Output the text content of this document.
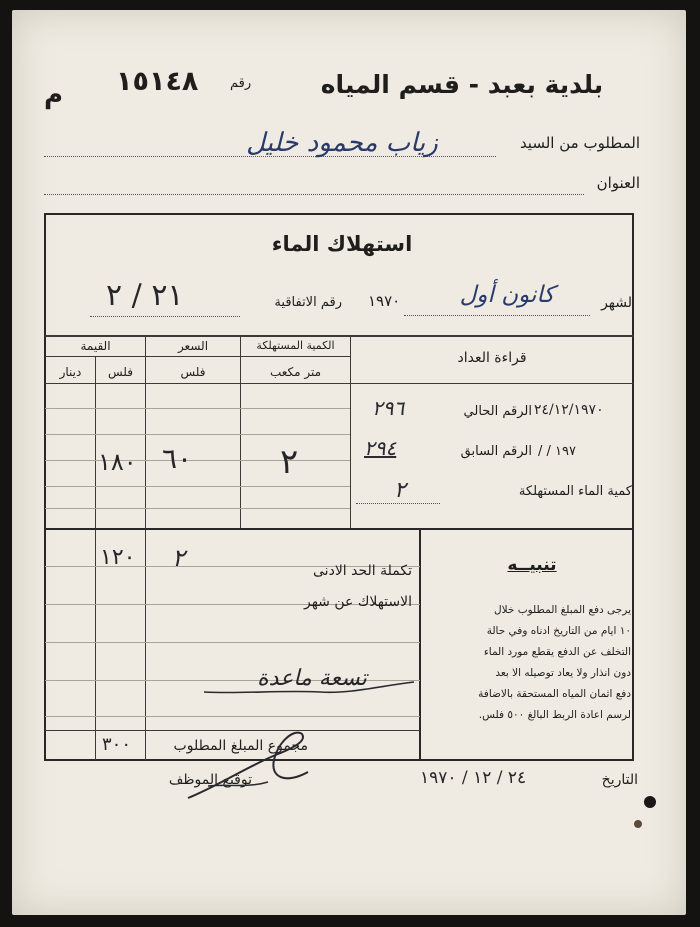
بلدية بعبد - قسم المياه
رقم
١٥١٤٨
م
المطلوب من السيد
زياب محمود خليل
العنوان
استهلاك الماء
لشهر
كانون أول
١٩٧٠
رقم الاتفاقية
٢١ / ٢
قراءة العداد
الكمية المستهلكة
متر مكعب
السعر
فلس
القيمة
فلس
دينار
٢٤/١٢/١٩٧٠
الرقم الحالي
٢٩٦
/ / ١٩٧
الرقم السابق
٢٩٤
كمية الماء المستهلكة
٢
٢
٦٠
١٨٠
تكملة الحد الادنى
٢
١٢٠
الاستهلاك عن شهر
تسعة ماعدة
مجموع المبلغ المطلوب
٣٠٠
تنبيــه
يرجى دفع المبلغ المطلوب خلال
١٠ ايام من التاريخ ادناه وفي حالة
التخلف عن الدفع يقطع مورد الماء
دون انذار ولا يعاد توصيله الا بعد
دفع اثمان المياه المستحقة بالاضافة
لرسم اعادة الربط البالغ ٥٠٠ فلس.
التاريخ
٢٤ / ١٢ / ١٩٧٠
توقيع الموظف
